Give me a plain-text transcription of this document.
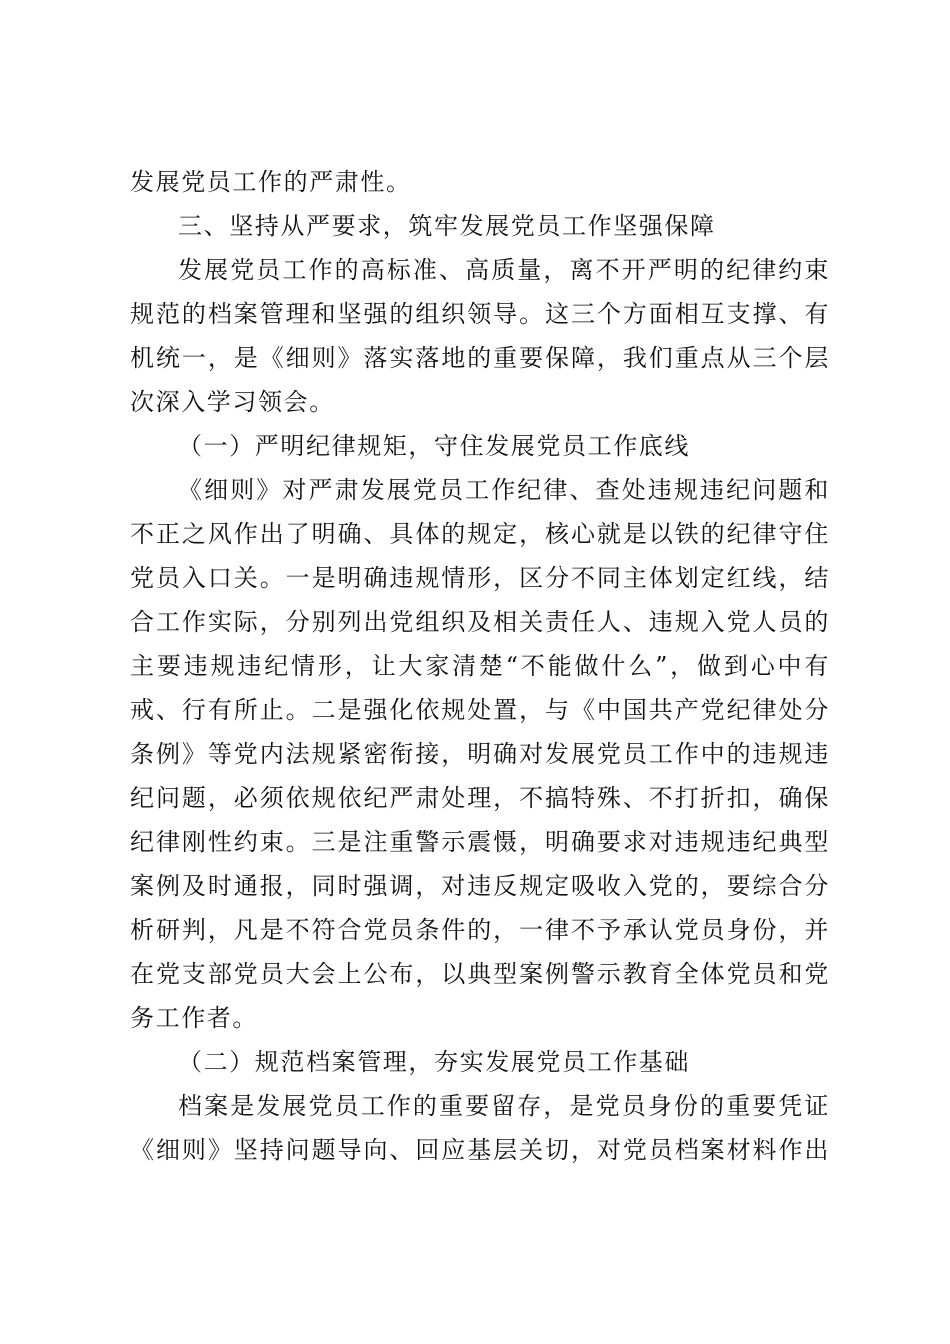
发展党员工作的严肃性。
三、坚持从严要求，筑牢发展党员工作坚强保障
发展党员工作的高标准、高质量，离不开严明的纪律约束
规范的档案管理和坚强的组织领导。这三个方面相互支撑、有
机统一，是《细则》落实落地的重要保障，我们重点从三个层
次深入学习领会。
（一）严明纪律规矩，守住发展党员工作底线
《细则》对严肃发展党员工作纪律、查处违规违纪问题和
不正之风作出了明确、具体的规定，核心就是以铁的纪律守住
党员入口关。一是明确违规情形，区分不同主体划定红线，结
合工作实际，分别列出党组织及相关责任人、违规入党人员的
主要违规违纪情形，让大家清楚“不能做什么”，做到心中有
戒、行有所止。二是强化依规处置，与《中国共产党纪律处分
条例》等党内法规紧密衔接，明确对发展党员工作中的违规违
纪问题，必须依规依纪严肃处理，不搞特殊、不打折扣，确保
纪律刚性约束。三是注重警示震慑，明确要求对违规违纪典型
案例及时通报，同时强调，对违反规定吸收入党的，要综合分
析研判，凡是不符合党员条件的，一律不予承认党员身份，并
在党支部党员大会上公布，以典型案例警示教育全体党员和党
务工作者。
（二）规范档案管理，夯实发展党员工作基础
档案是发展党员工作的重要留存，是党员身份的重要凭证
《细则》坚持问题导向、回应基层关切，对党员档案材料作出
